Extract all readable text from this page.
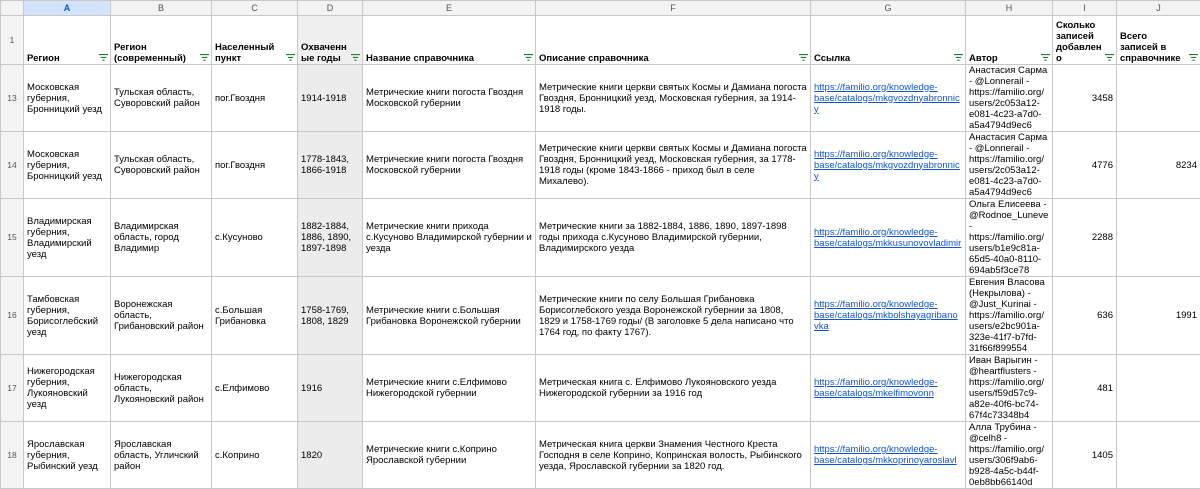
	A	B	C	D	E	F	G	H	I	J
1	Регион	Регион (современный)	Населенный пункт	Охваченные годы	Название справочника	Описание справочника	Ссылка	Автор	Сколько записей добавлено	Всего записей в справочнике

13	Московская губерния, Бронницкий уезд	Тульская область, Суворовский район	пог.Гвоздня	1914-1918	Метрические книги погоста Гвоздня Московской губернии	Метрические книги церкви святых Космы и Дамиана погоста Гвоздня, Бронницкий уезд, Московская губерния, за 1914-1918 годы.	https://familio.org/knowledge-base/catalogs/mkgvozdnyabronnicy	Анастасия Сарма - @Lonnerail - https://familio.org/users/2c053a12-e081-4c23-a7d0-a5a4794d9ec6	3458	
14	Московская губерния, Бронницкий уезд	Тульская область, Суворовский район	пог.Гвоздня	1778-1843, 1866-1918	Метрические книги погоста Гвоздня Московской губернии	Метрические книги церкви святых Космы и Дамиана погоста Гвоздня, Бронницкий уезд, Московская губерния, за 1778-1918 годы (кроме 1843-1866 - приход был в селе Михалево).	https://familio.org/knowledge-base/catalogs/mkgvozdnyabronnicy	Анастасия Сарма - @Lonnerail - https://familio.org/users/2c053a12-e081-4c23-a7d0-a5a4794d9ec6	4776	8234
15	Владимирская губерния, Владимирский уезд	Владимирская область, город Владимир	с.Кусуново	1882-1884, 1886, 1890, 1897-1898	Метрические книги прихода с.Кусуново Владимирской губернии и уезда	Метрические книги за 1882-1884, 1886, 1890, 1897-1898 годы прихода с.Кусуново Владимирской губернии, Владимирского уезда	https://familio.org/knowledge-base/catalogs/mkkusunovovladimir	Ольга Елисеева - @Rodnoe_Luneve - https://familio.org/users/b1e9c81a-65d5-40a0-8110-694ab5f3ce78	2288	
16	Тамбовская губерния, Борисоглебский уезд	Воронежская область, Грибановский район	с.Большая Грибановка	1758-1769, 1808, 1829	Метрические книги с.Большая Грибановка Воронежской губернии	Метрические книги по селу Большая Грибановка Борисоглебского уезда Воронежской губернии за 1808, 1829 и 1758-1769 годы/ (В заголовке 5 дела написано что 1764 год, по факту 1767).	https://familio.org/knowledge-base/catalogs/mkbolshayagribanovka	Евгения Власова (Некрылова) - @Just_Kurinai - https://familio.org/users/e2bc901a-323e-41f7-b7fd-31f66f899554	636	1991
17	Нижегородская губерния, Лукояновский уезд	Нижегородская область, Лукояновский район	с.Елфимово	1916	Метрические книги с.Елфимово Нижегородской губернии	Метрическая книга с. Елфимово Лукояновского уезда Нижегородской губернии за 1916 год	https://familio.org/knowledge-base/catalogs/mkelfimovonn	Иван Варыгин - @heartflusters - https://familio.org/users/f59d57c9-a82e-40f6-bc74-67f4c73348b4	481	
18	Ярославская губерния, Рыбинский уезд	Ярославская область, Угличский район	с.Коприно	1820	Метрические книги с.Коприно Ярославской губернии	Метрическая книга церкви Знамения Честного Креста Господня в селе Коприно, Копринская волость, Рыбинского уезда, Ярославской губернии за 1820 год.	https://familio.org/knowledge-base/catalogs/mkkoprinoyaroslavl	Алла Трубина - @celh8 - https://familio.org/users/306f9ab6-b928-4a5c-b44f-0eb8bb66140d	1405	
